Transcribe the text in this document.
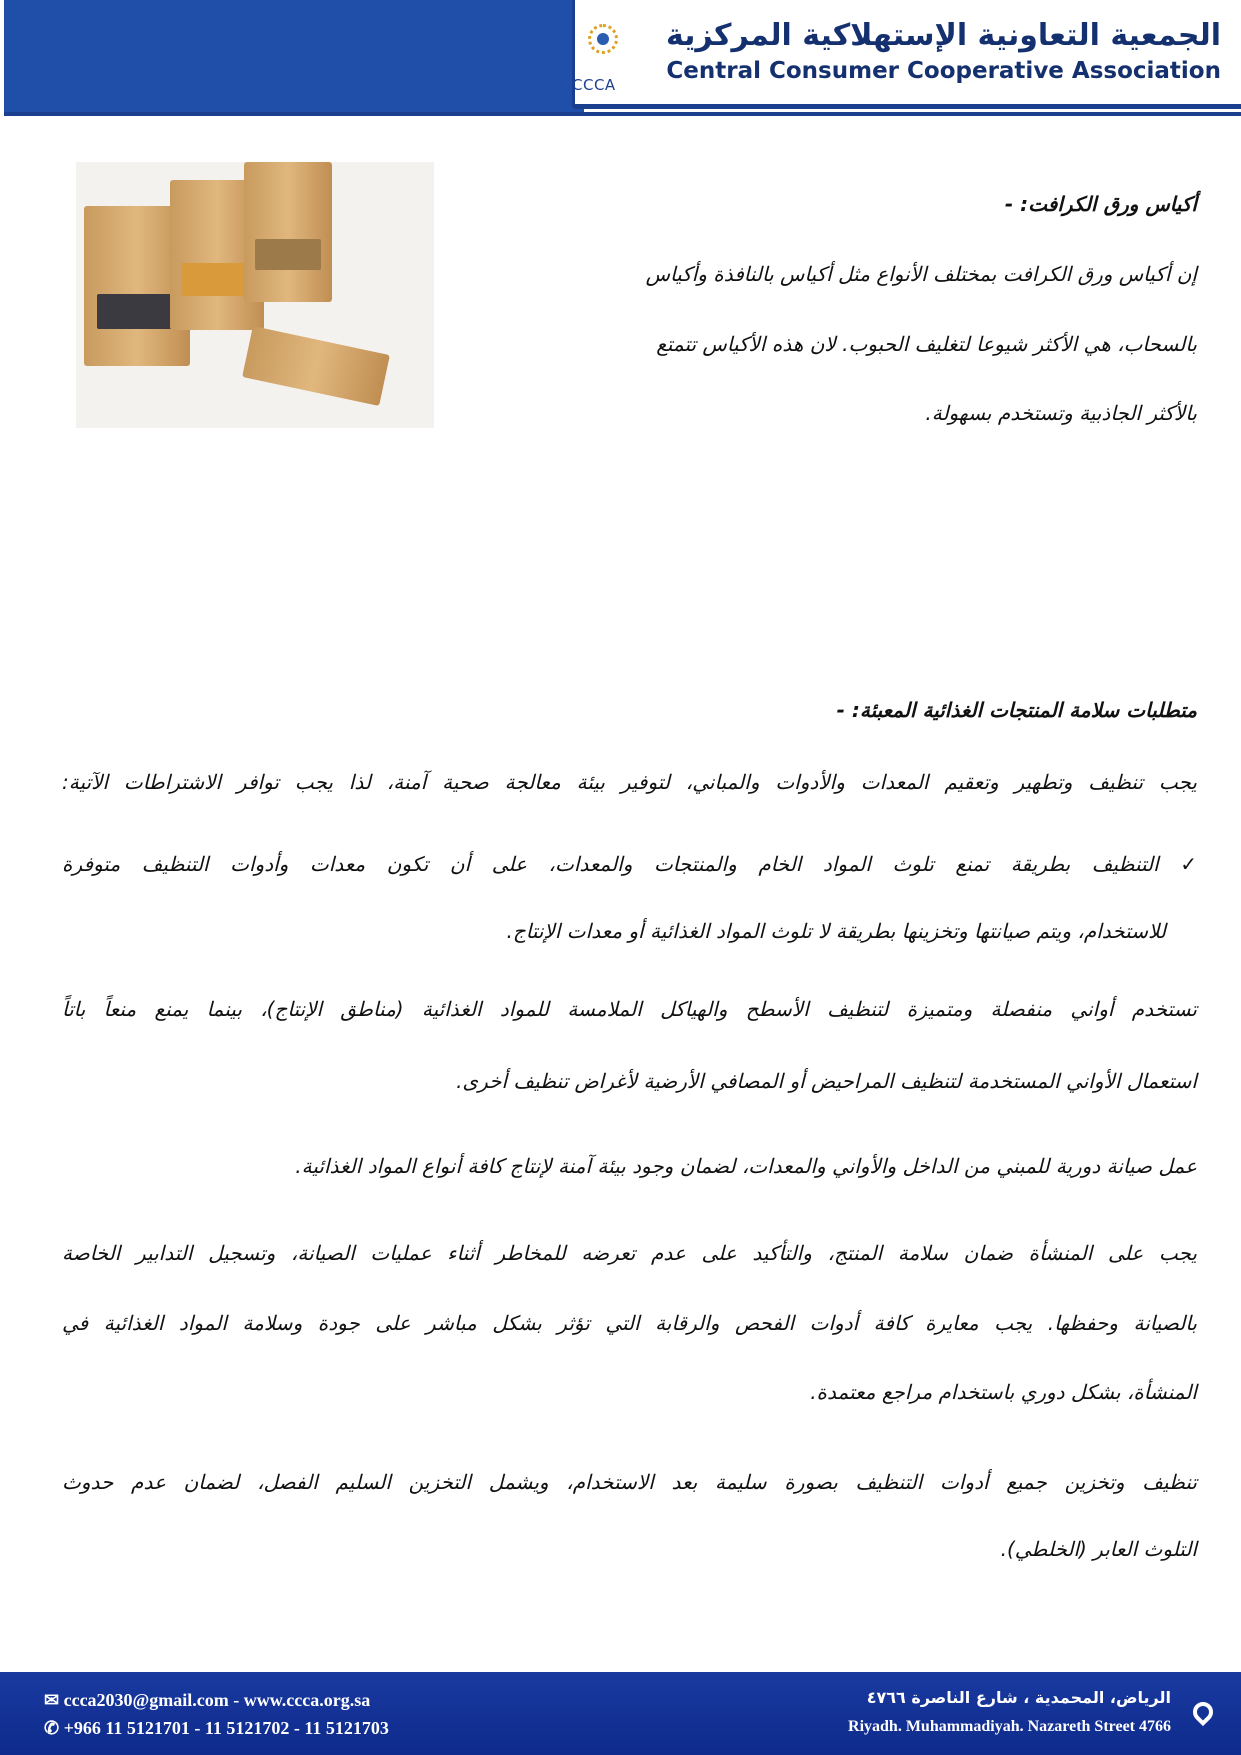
CCCA
الجمعية التعاونية الإستهلاكية المركزية
Central Consumer Cooperative Association
أكياس ورق الكرافت: -
إن أكياس ورق الكرافت بمختلف الأنواع مثل أكياس بالنافذة وأكياس
بالسحاب، هي الأكثر شيوعا لتغليف الحبوب. لان هذه الأكياس تتمتع
بالأكثر الجاذبية وتستخدم بسهولة.
متطلبات سلامة المنتجات الغذائية المعبئة: -
يجب تنظيف وتطهير وتعقيم المعدات والأدوات والمباني، لتوفير بيئة معالجة صحية آمنة، لذا يجب توافر الاشتراطات الآتية:
✓ التنظيف بطريقة تمنع تلوث المواد الخام والمنتجات والمعدات، على أن تكون معدات وأدوات التنظيف متوفرة
للاستخدام، ويتم صيانتها وتخزينها بطريقة لا تلوث المواد الغذائية أو معدات الإنتاج.
تستخدم أواني منفصلة ومتميزة لتنظيف الأسطح والهياكل الملامسة للمواد الغذائية (مناطق الإنتاج)، بينما يمنع منعاً باتاً
استعمال الأواني المستخدمة لتنظيف المراحيض أو المصافي الأرضية لأغراض تنظيف أخرى.
عمل صيانة دورية للمبني من الداخل والأواني والمعدات، لضمان وجود بيئة آمنة لإنتاج كافة أنواع المواد الغذائية.
يجب على المنشأة ضمان سلامة المنتج، والتأكيد على عدم تعرضه للمخاطر أثناء عمليات الصيانة، وتسجيل التدابير الخاصة
بالصيانة وحفظها. يجب معايرة كافة أدوات الفحص والرقابة التي تؤثر بشكل مباشر على جودة وسلامة المواد الغذائية في
المنشأة، بشكل دوري باستخدام مراجع معتمدة.
تنظيف وتخزين جميع أدوات التنظيف بصورة سليمة بعد الاستخدام، ويشمل التخزين السليم الفصل، لضمان عدم حدوث
التلوث العابر (الخلطي).
✉ ccca2030@gmail.com - www.ccca.org.sa
✆ +966 11 5121701 - 11 5121702 - 11 5121703
الرياض، المحمدية ، شارع الناصرة ٤٧٦٦
Riyadh. Muhammadiyah. Nazareth Street 4766
